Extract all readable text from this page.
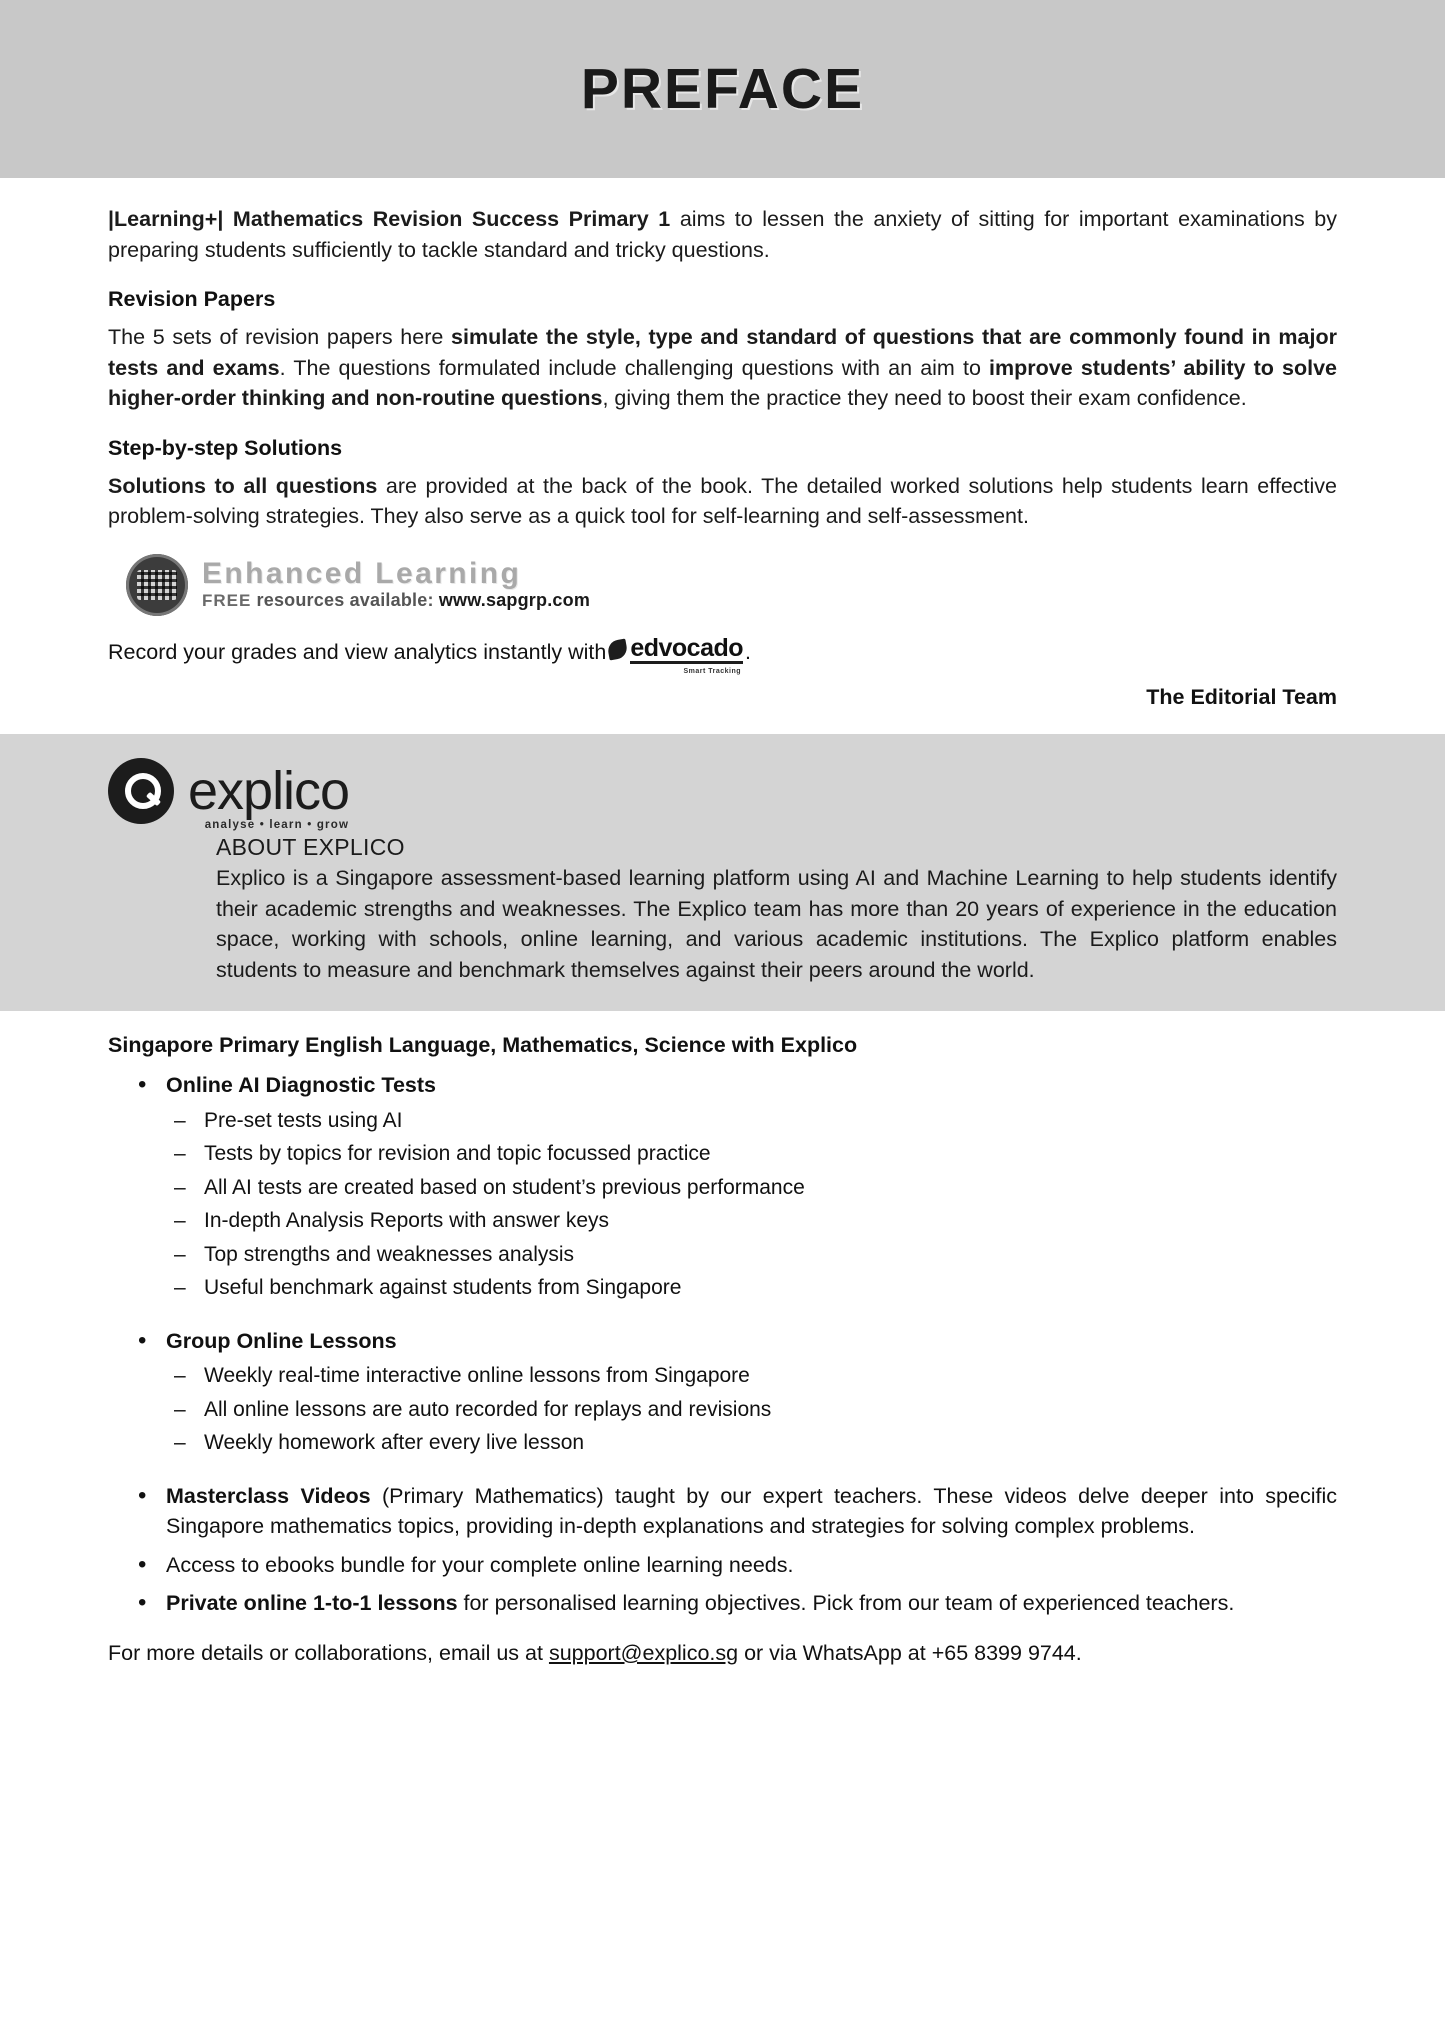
PREFACE

|Learning+| Mathematics Revision Success Primary 1 aims to lessen the anxiety of sitting for important examinations by preparing students sufficiently to tackle standard and tricky questions.

Revision Papers

The 5 sets of revision papers here simulate the style, type and standard of questions that are commonly found in major tests and exams. The questions formulated include challenging questions with an aim to improve students’ ability to solve higher-order thinking and non-routine questions, giving them the practice they need to boost their exam confidence.

Step-by-step Solutions

Solutions to all questions are provided at the back of the book. The detailed worked solutions help students learn effective problem-solving strategies. They also serve as a quick tool for self-learning and self-assessment.

Enhanced Learning
FREE resources available: www.sapgrp.com
Record your grades and view analytics instantly with edvocado
Smart Tracking
.
The Editorial Team
explico
analyse • learn • grow
ABOUT EXPLICO
Explico is a Singapore assessment-based learning platform using AI and Machine Learning to help students identify their academic strengths and weaknesses. The Explico team has more than 20 years of experience in the education space, working with schools, online learning, and various academic institutions. The Explico platform enables students to measure and benchmark themselves against their peers around the world.
Singapore Primary English Language, Mathematics, Science with Explico
• Online AI Diagnostic Tests
– Pre-set tests using AI
– Tests by topics for revision and topic focussed practice
– All AI tests are created based on student’s previous performance
– In-depth Analysis Reports with answer keys
– Top strengths and weaknesses analysis
– Useful benchmark against students from Singapore
• Group Online Lessons
– Weekly real-time interactive online lessons from Singapore
– All online lessons are auto recorded for replays and revisions
– Weekly homework after every live lesson
• Masterclass Videos (Primary Mathematics) taught by our expert teachers. These videos delve deeper into specific Singapore mathematics topics, providing in-depth explanations and strategies for solving complex problems.
• Access to ebooks bundle for your complete online learning needs.
• Private online 1-to-1 lessons for personalised learning objectives. Pick from our team of experienced teachers.
For more details or collaborations, email us at support@explico.sg or via WhatsApp at +65 8399 9744.
